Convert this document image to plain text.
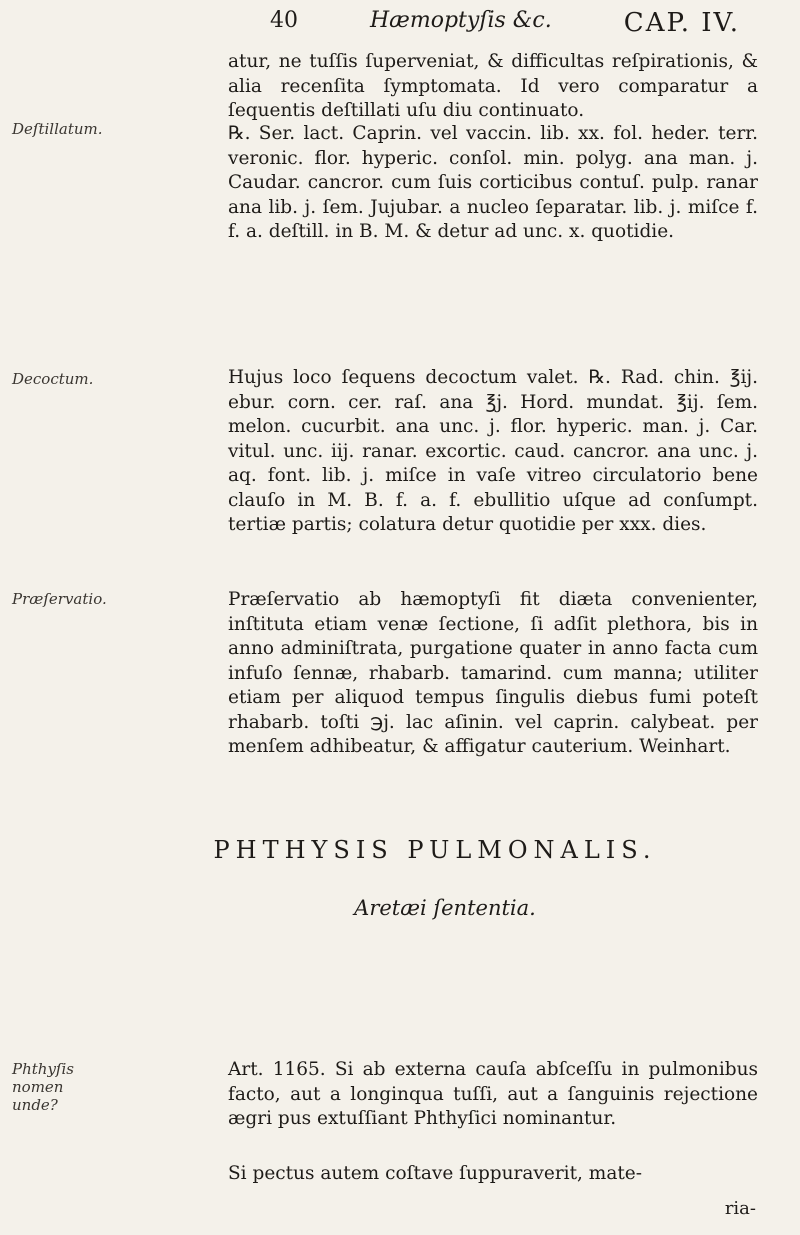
40	Hæmoptyſis &c.	CAP. IV.
atur, ne tuſſis ſuperveniat, & difficultas reſpirationis, & alia recenſita ſymptomata. Id vero comparatur a ſequentis deſtillati uſu diu continuato.
Deſtillatum.	℞. Ser. lact. Caprin. vel vaccin. lib. xx. fol. heder. terr. veronic. flor. hyperic. conſol. min. polyg. ana man. j. Caudar. cancror. cum ſuis corticibus contuſ. pulp. ranar ana lib. j. ſem. Jujubar. a nucleo ſeparatar. lib. j. miſce f. f. a. deſtill. in B. M. & detur ad unc. x. quotidie.
Decoctum.	Hujus loco ſequens decoctum valet. ℞. Rad. chin. ℥ij. ebur. corn. cer. raſ. ana ℥j. Hord. mundat. ℥ij. ſem. melon. cucurbit. ana unc. j. flor. hyperic. man. j. Car. vitul. unc. iij. ranar. excortic. caud. cancror. ana unc. j. aq. font. lib. j. miſce in vaſe vitreo circulatorio bene clauſo in M. B. f. a. f. ebullitio uſque ad conſumpt. tertiæ partis; colatura detur quotidie per xxx. dies.
Præſervatio.	Præſervatio ab hæmoptyſi fit diæta convenienter, inſtituta etiam venæ ſectione, ſi adſit plethora, bis in anno adminiſtrata, purgatione quater in anno facta cum infuſo ſennæ, rhabarb. tamarind. cum manna; utiliter etiam per aliquod tempus ſingulis diebus fumi poteſt rhabarb. toſti ℈j. lac aſinin. vel caprin. calybeat. per menſem adhibeatur, & affigatur cauterium. Weinhart.
PHTHYSIS PULMONALIS.
Aretæi ſententia.
Phthyſis nomen unde?
Art. 1165. Si ab externa cauſa abſceſſu in pulmonibus facto, aut a longinqua tuſſi, aut a ſanguinis rejectione ægri pus extuſſiant Phthyſici nominantur.
Si pectus autem coſtave ſuppuraverit, mate-
ria-
